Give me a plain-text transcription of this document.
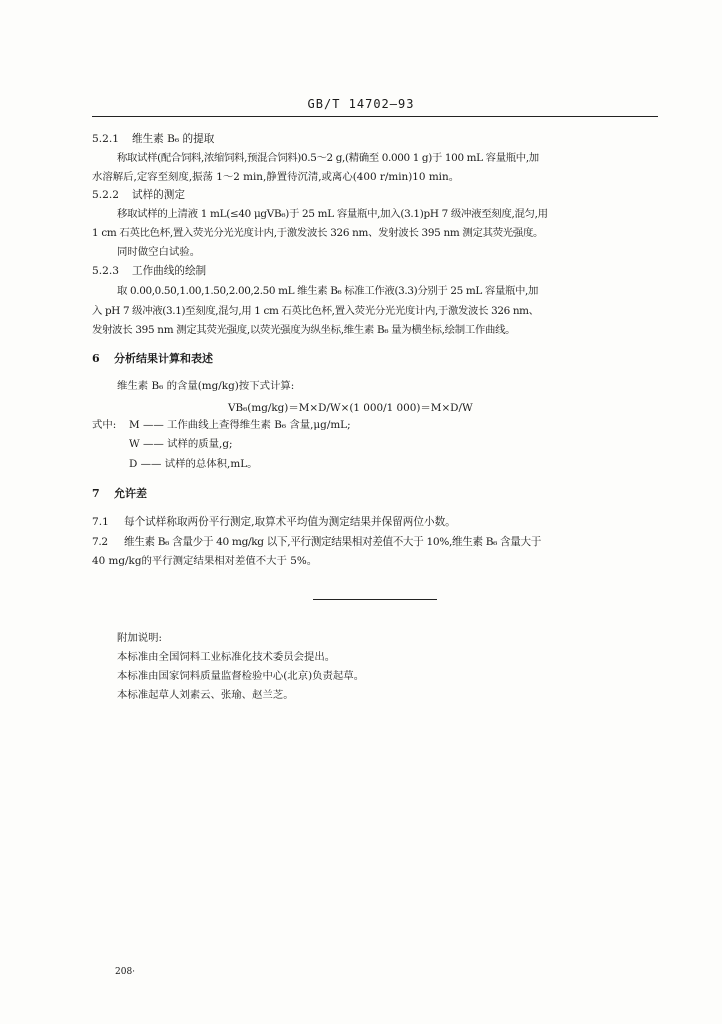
GB/T 14702—93
5.2.1 维生素 B₆ 的提取
称取试样(配合饲料,浓缩饲料,预混合饲料)0.5～2 g,(精确至 0.000 1 g)于 100 mL 容量瓶中,加
水溶解后,定容至刻度,振荡 1～2 min,静置待沉清,或离心(400 r/min)10 min。
5.2.2 试样的测定
移取试样的上清液 1 mL(≤40 μgVB₆)于 25 mL 容量瓶中,加入(3.1)pH 7 级冲液至刻度,混匀,用
1 cm 石英比色杯,置入荧光分光光度计内,于激发波长 326 nm、发射波长 395 nm 测定其荧光强度。
同时做空白试验。
5.2.3 工作曲线的绘制
取 0.00,0.50,1.00,1.50,2.00,2.50 mL 维生素 B₆ 标准工作液(3.3)分别于 25 mL 容量瓶中,加
入 pH 7 级冲液(3.1)至刻度,混匀,用 1 cm 石英比色杯,置入荧光分光光度计内,于激发波长 326 nm、
发射波长 395 nm 测定其荧光强度,以荧光强度为纵坐标,维生素 B₆ 量为横坐标,绘制工作曲线。
6 分析结果计算和表述
维生素 B₆ 的含量(mg/kg)按下式计算:
VB₆(mg/kg)＝M×D/W×(1 000/1 000)＝M×D/W
式中: M —— 工作曲线上查得维生素 B₆ 含量,μg/mL;
W —— 试样的质量,g;
D —— 试样的总体积,mL。
7 允许差
7.1 每个试样称取两份平行测定,取算术平均值为测定结果并保留两位小数。
7.2 维生素 B₆ 含量少于 40 mg/kg 以下,平行测定结果相对差值不大于 10%,维生素 B₆ 含量大于
40 mg/kg的平行测定结果相对差值不大于 5%。
附加说明:
本标准由全国饲料工业标准化技术委员会提出。
本标准由国家饲料质量监督检验中心(北京)负责起草。
本标准起草人刘素云、张瑜、赵兰芝。
208·
